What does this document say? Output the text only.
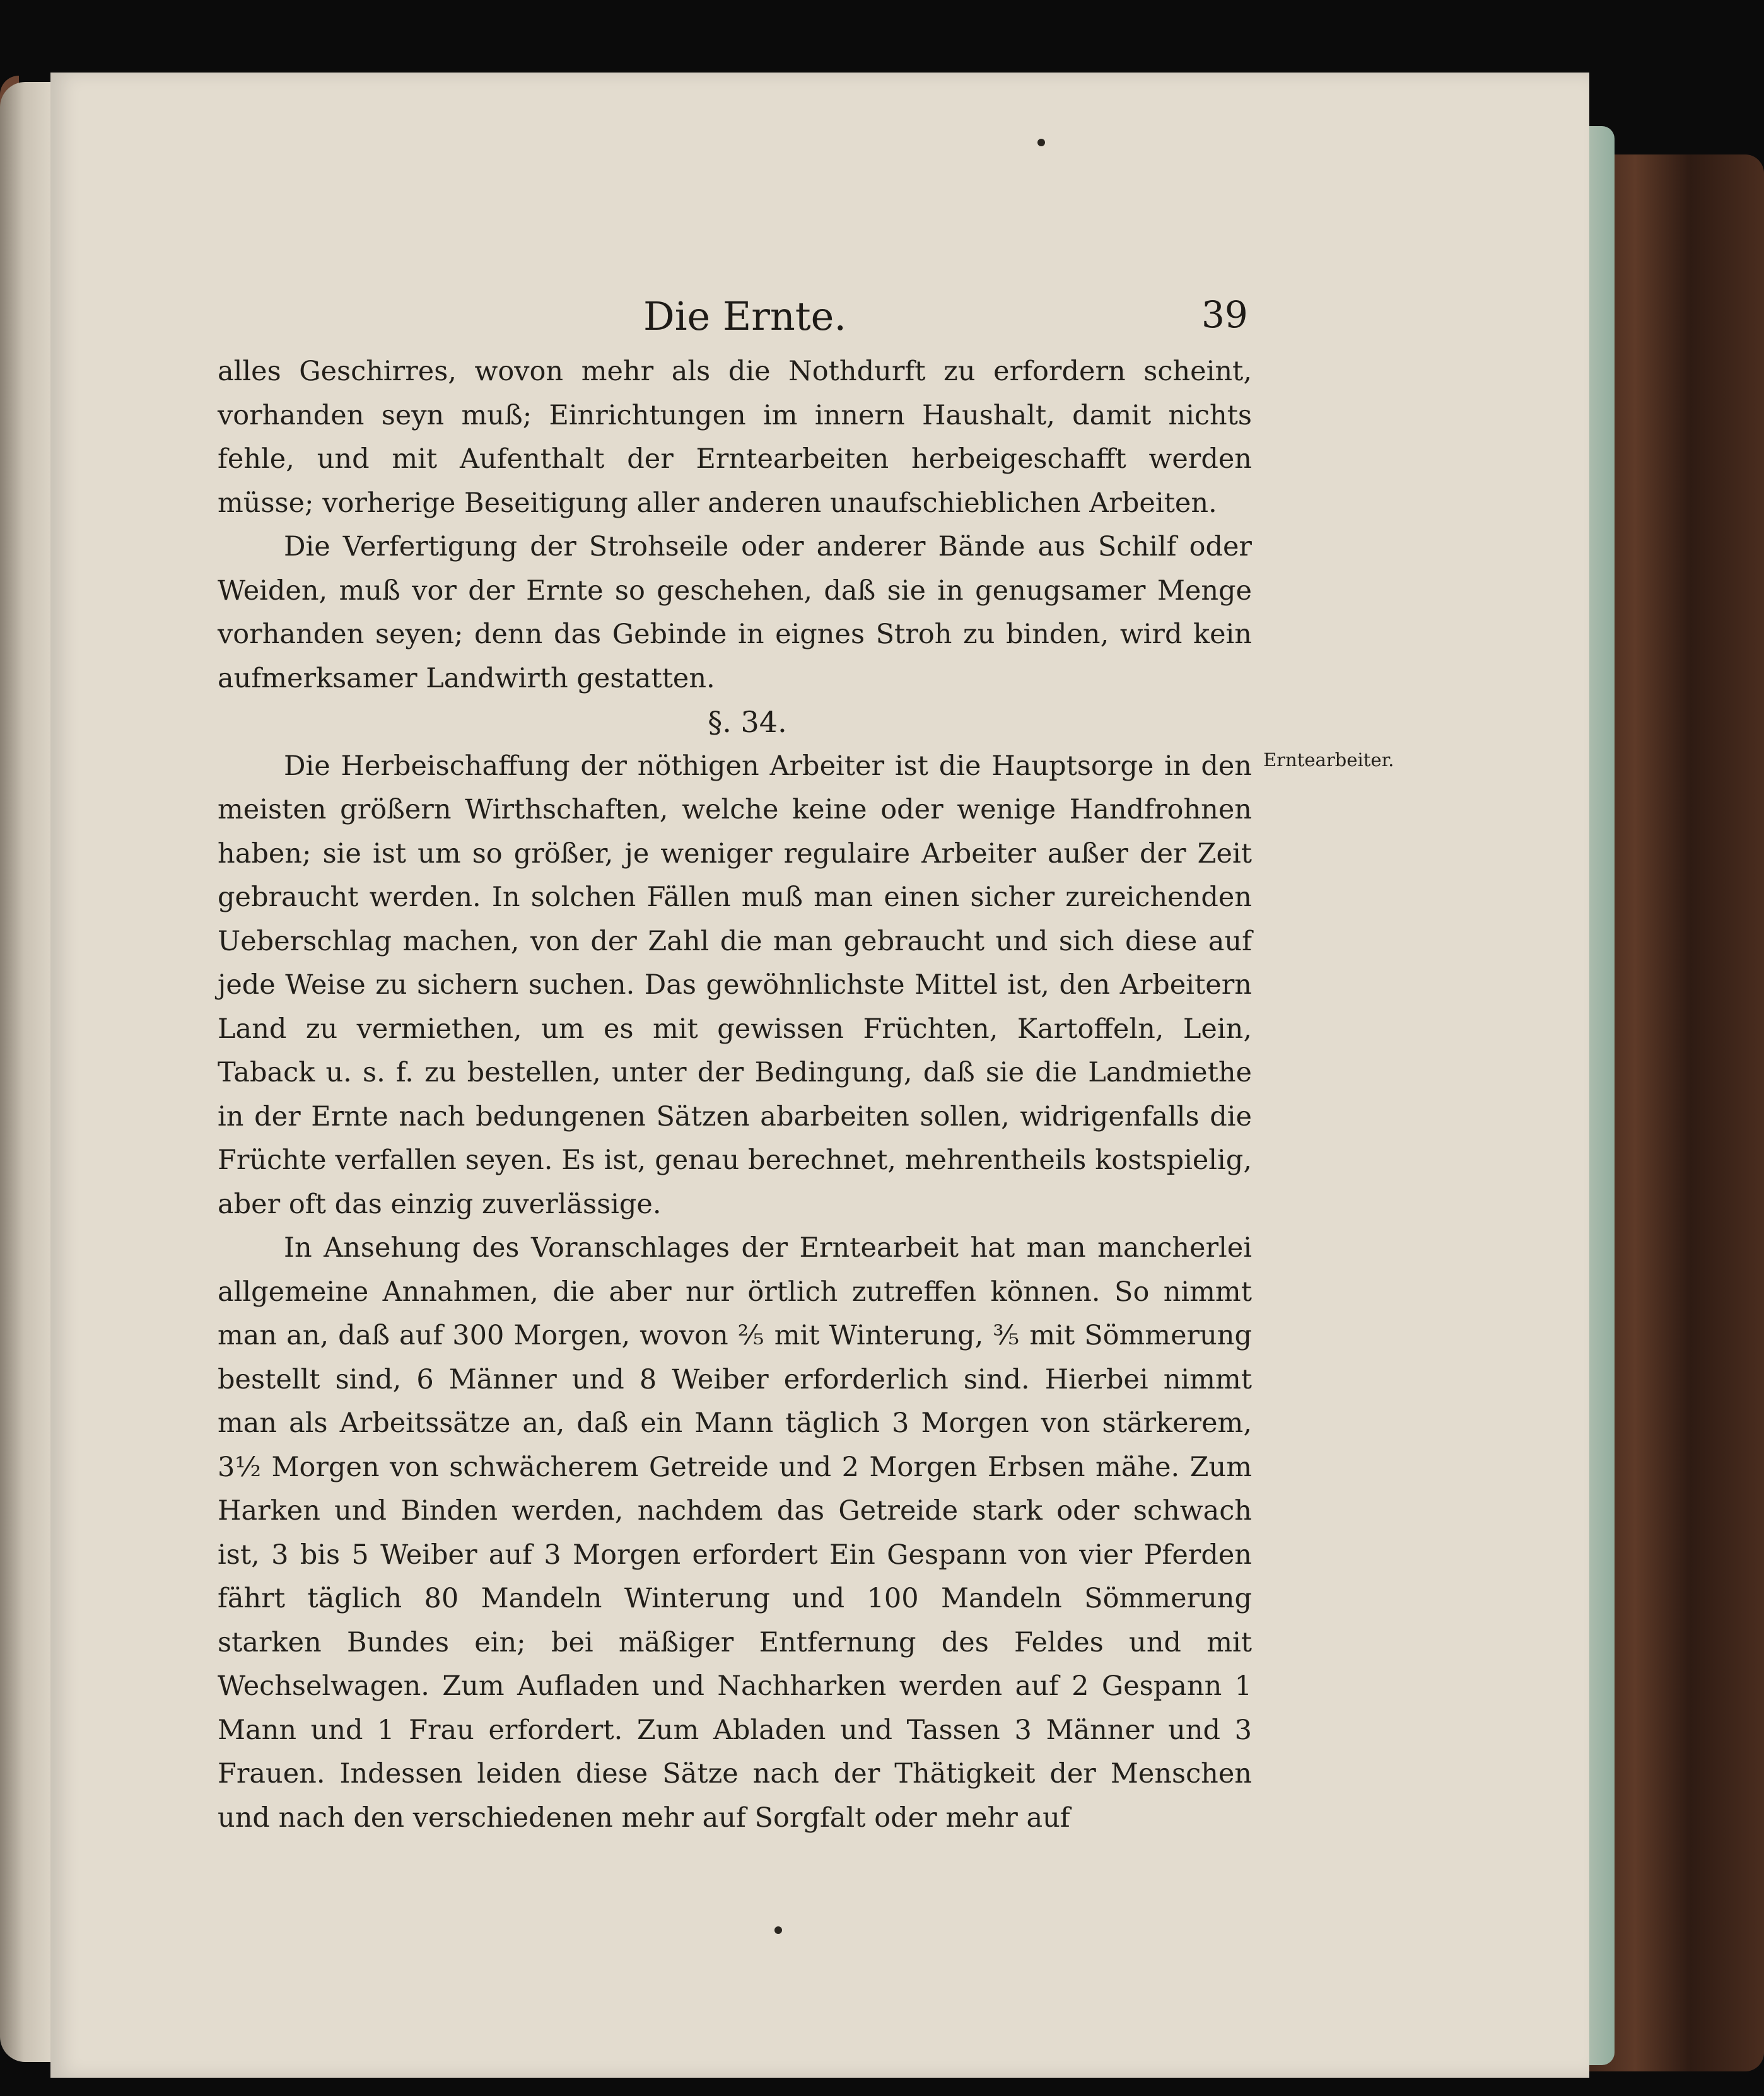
Die Ernte.	39

alles Geschirres, wovon mehr als die Nothdurft zu erfordern scheint, vorhanden seyn muß; Einrichtungen im innern Haushalt, damit nichts fehle, und mit Aufenthalt der Erntearbeiten herbeigeschafft werden müsse; vorherige Beseitigung aller anderen unaufschieblichen Arbeiten.

Die Verfertigung der Strohseile oder anderer Bände aus Schilf oder Weiden, muß vor der Ernte so geschehen, daß sie in genugsamer Menge vorhanden seyen; denn das Gebinde in eignes Stroh zu binden, wird kein aufmerksamer Landwirth gestatten.

§. 34.

Die Herbeischaffung der nöthigen Arbeiter ist die Hauptsorge in den meisten größern Wirthschaften, welche keine oder wenige Handfrohnen haben; sie ist um so größer, je weniger regulaire Arbeiter außer der Zeit gebraucht werden. In solchen Fällen muß man einen sicher zureichenden Ueberschlag machen, von der Zahl die man gebraucht und sich diese auf jede Weise zu sichern suchen. Das gewöhnlichste Mittel ist, den Arbeitern Land zu vermiethen, um es mit gewissen Früchten, Kartoffeln, Lein, Taback u. s. f. zu bestellen, unter der Bedingung, daß sie die Landmiethe in der Ernte nach bedungenen Sätzen abarbeiten sollen, widrigenfalls die Früchte verfallen seyen. Es ist, genau berechnet, mehrentheils kostspielig, aber oft das einzig zuverlässige.

In Ansehung des Voranschlages der Erntearbeit hat man mancherlei allgemeine Annahmen, die aber nur örtlich zutreffen können. So nimmt man an, daß auf 300 Morgen, wovon ⅖ mit Winterung, ⅗ mit Sömmerung bestellt sind, 6 Männer und 8 Weiber erforderlich sind. Hierbei nimmt man als Arbeitssätze an, daß ein Mann täglich 3 Morgen von stärkerem, 3½ Morgen von schwächerem Getreide und 2 Morgen Erbsen mähe. Zum Harken und Binden werden, nachdem das Getreide stark oder schwach ist, 3 bis 5 Weiber auf 3 Morgen erfordert Ein Gespann von vier Pferden fährt täglich 80 Mandeln Winterung und 100 Mandeln Sömmerung starken Bundes ein; bei mäßiger Entfernung des Feldes und mit Wechselwagen. Zum Aufladen und Nachharken werden auf 2 Gespann 1 Mann und 1 Frau erfordert. Zum Abladen und Tassen 3 Männer und 3 Frauen. Indessen leiden diese Sätze nach der Thätigkeit der Menschen und nach den verschiedenen mehr auf Sorgfalt oder mehr auf

Erntearbeiter.
